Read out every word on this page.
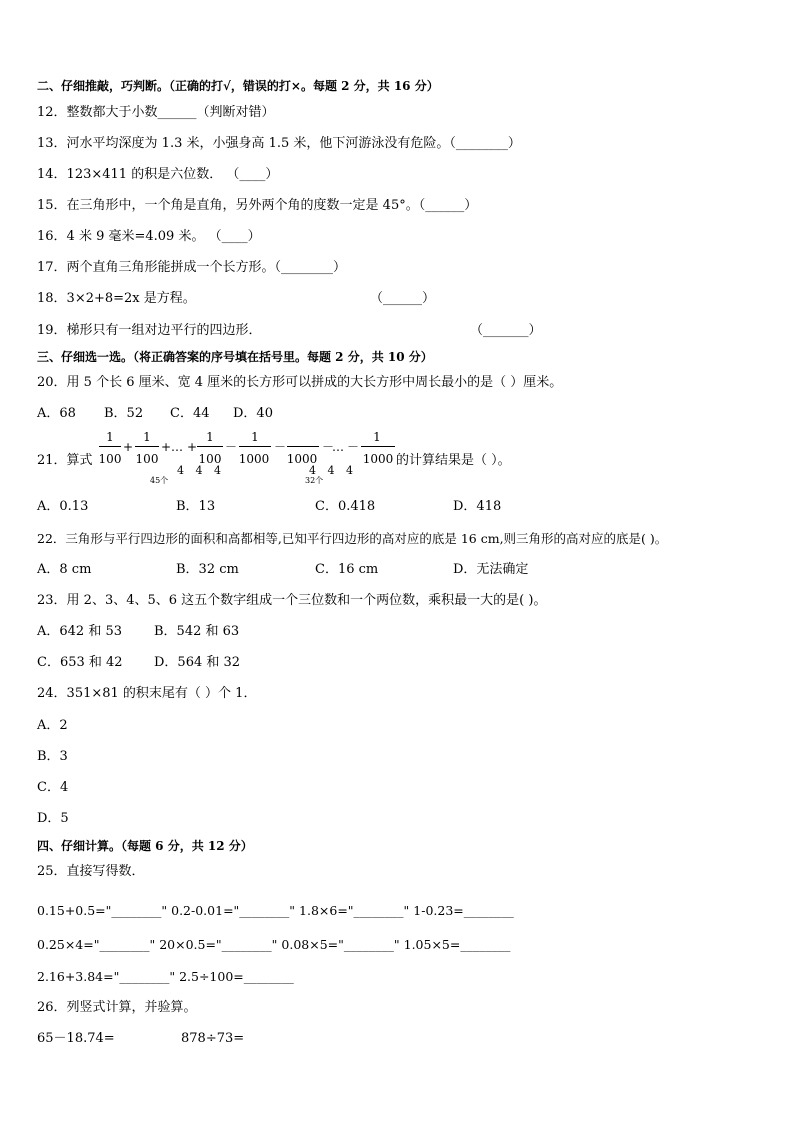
二、仔细推敲，巧判断。（正确的打√，错误的打×。每题 2 分，共 16 分）
12．整数都大于小数______（判断对错）
13．河水平均深度为 1.3 米，小强身高 1.5 米，他下河游泳没有危险。（________）
14．123×411 的积是六位数． （____）
15．在三角形中，一个角是直角，另外两个角的度数一定是 45°。（______）
16．4 米 9 毫米=4.09 米。 （____）
17．两个直角三角形能拼成一个长方形。（________）
18．3×2+8=2x 是方程。	（______）
19．梯形只有一组对边平行的四边形．	（_______）
三、仔细选一选。（将正确答案的序号填在括号里。每题 2 分，共 10 分）
20．用 5 个长 6 厘米、宽 4 厘米的长方形可以拼成的大长方形中周长最小的是（ ）厘米。
A．68 B．52 C．44 D．40
21．算式
1
100
+
1
100
+ … +
1
100
－
1
1000
－
1000
－
… －
1
1000 的计算结果是（ ）。
4 4 4	4 4 4
45个	32个
A．0.13	B．13	C．0.418	D．418
22．三角形与平行四边形的面积和高都相等,已知平行四边形的高对应的底是 16 cm,则三角形的高对应的底是( )。
A．8 cm	B．32 cm	C．16 cm	D．无法确定
23．用 2、3、4、5、6 这五个数字组成一个三位数和一个两位数，乘积最一大的是( )。
A．642 和 53 B．542 和 63
C．653 和 42 D．564 和 32
24．351×81 的积末尾有（ ）个 1．
A．2
B．3
C．4
D．5
四、仔细计算。（每题 6 分，共 12 分）
25．直接写得数．
0.15+0.5="________" 0.2-0.01="________" 1.8×6="________" 1-0.23=________
0.25×4="________" 20×0.5="________" 0.08×5="________" 1.05×5=________
2.16+3.84="________" 2.5÷100=________
26．列竖式计算，并验算。
65－18.74=	878÷73=
